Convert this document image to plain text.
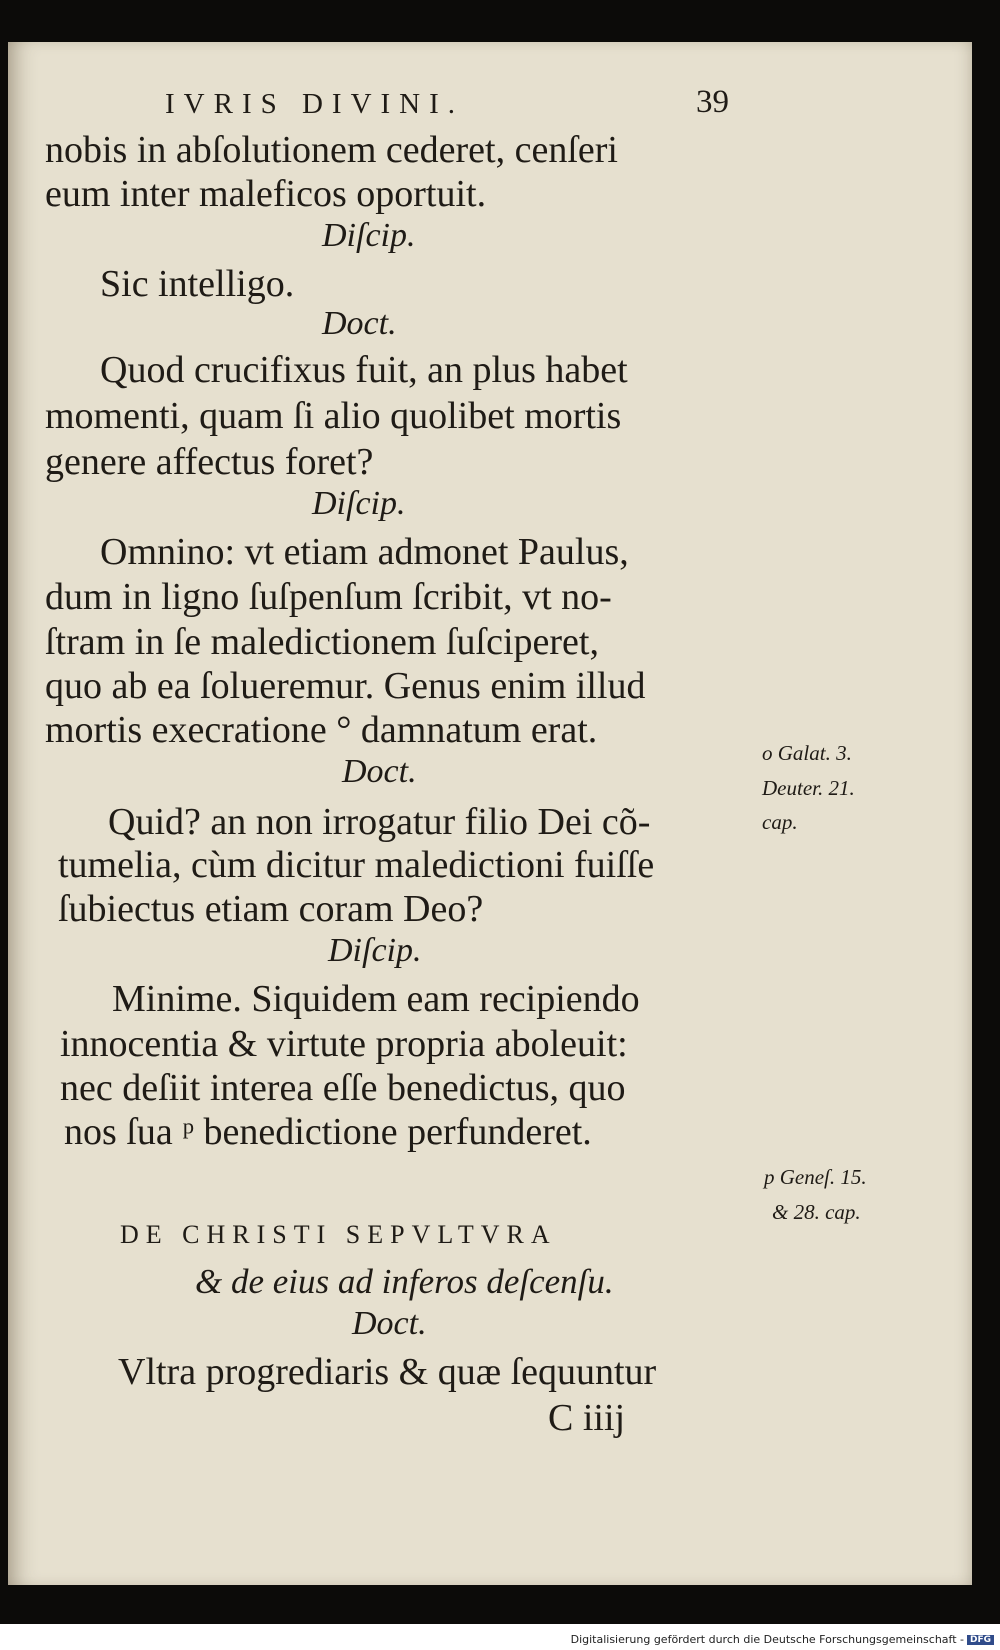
IVRIS DIVINI.	39
nobis in abſolutionem cederet, cenſeri
eum inter maleficos oportuit.
Diſcip.
Sic intelligo.
Doct.
Quod crucifixus fuit, an plus habet
momenti, quam ſi alio quolibet mortis
genere affectus foret?
Diſcip.
Omnino: vt etiam admonet Paulus,
dum in ligno ſuſpenſum ſcribit, vt no-
ſtram in ſe maledictionem ſuſciperet,
quo ab ea ſolueremur. Genus enim illud
mortis execratione ° damnatum erat.
Doct.
Quid? an non irrogatur filio Dei cõ-
tumelia, cùm dicitur maledictioni fuiſſe
ſubiectus etiam coram Deo?
Diſcip.
Minime. Siquidem eam recipiendo
innocentia & virtute propria aboleuit:
nec deſiit interea eſſe benedictus, quo
nos ſua ᵖ benedictione perfunderet.
DE CHRISTI SEPVLTVRA
& de eius ad inferos deſcenſu.
Doct.
Vltra progrediaris & quæ ſequuntur
C iiij
o Galat. 3.
Deuter. 21.
cap.
p Geneſ. 15.
& 28. cap.
Digitalisierung gefördert durch die Deutsche Forschungsgemeinschaft - DFG
